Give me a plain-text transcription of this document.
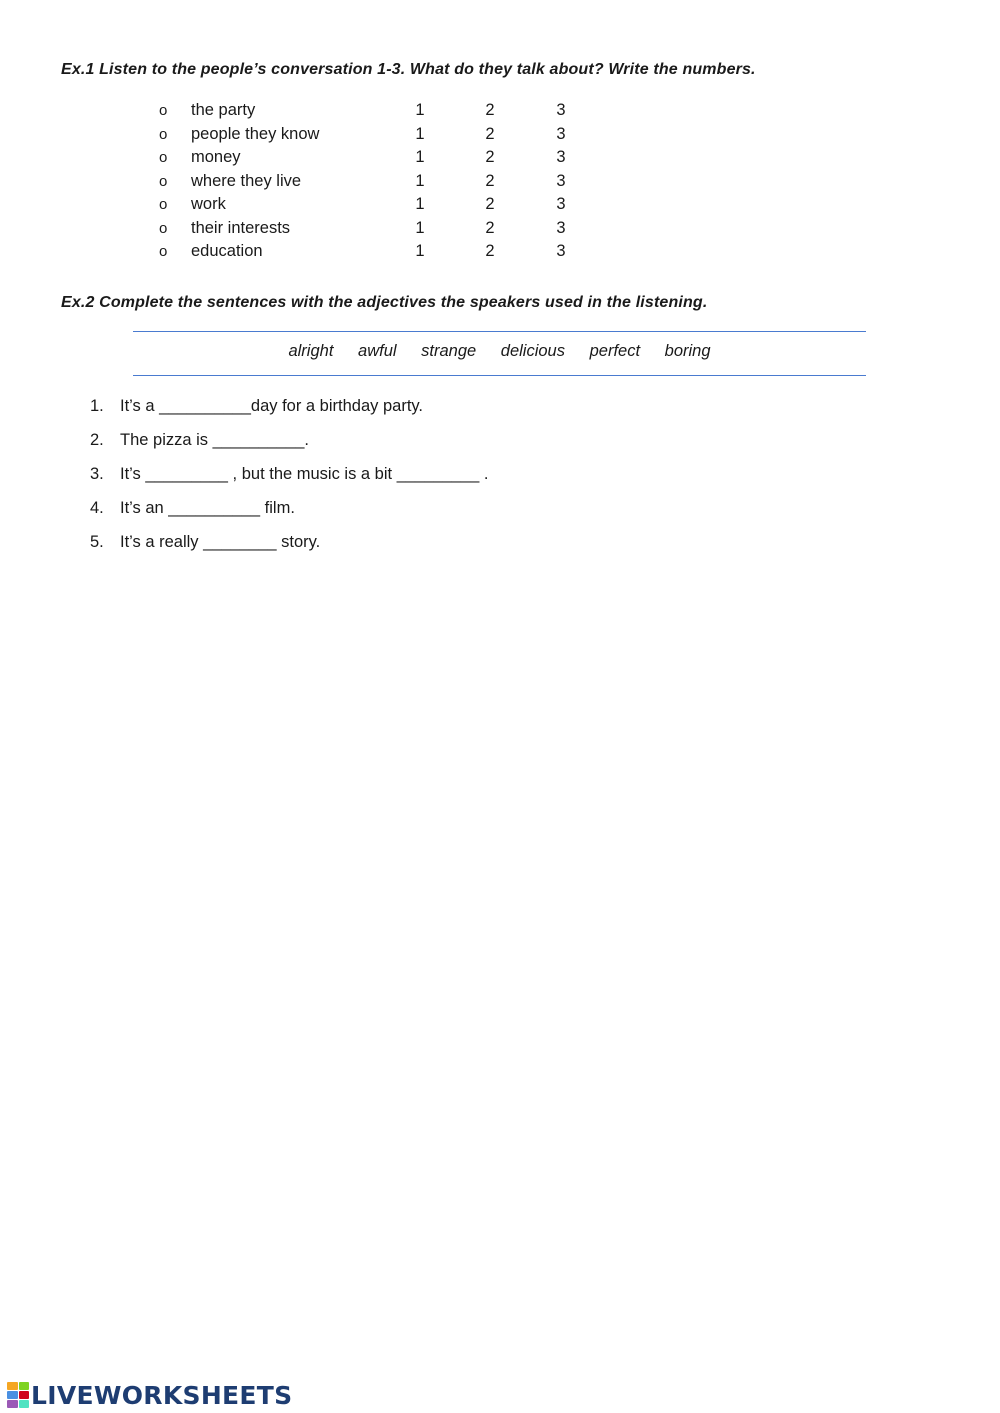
Ex.1 Listen to the people’s conversation 1-3. What do they talk about? Write the numbers.
o the party	1	2	3
o people they know	1	2	3
o money	1	2	3
o where they live	1	2	3
o work	1	2	3
o their interests	1	2	3
o education	1	2	3
Ex.2 Complete the sentences with the adjectives the speakers used in the listening.
alright awful strange delicious perfect boring
1. It’s a __________day for a birthday party.
2. The pizza is __________.
3. It’s _________ , but the music is a bit _________ .
4. It’s an __________ film.
5. It’s a really ________ story.
LIVEWORKSHEETS
